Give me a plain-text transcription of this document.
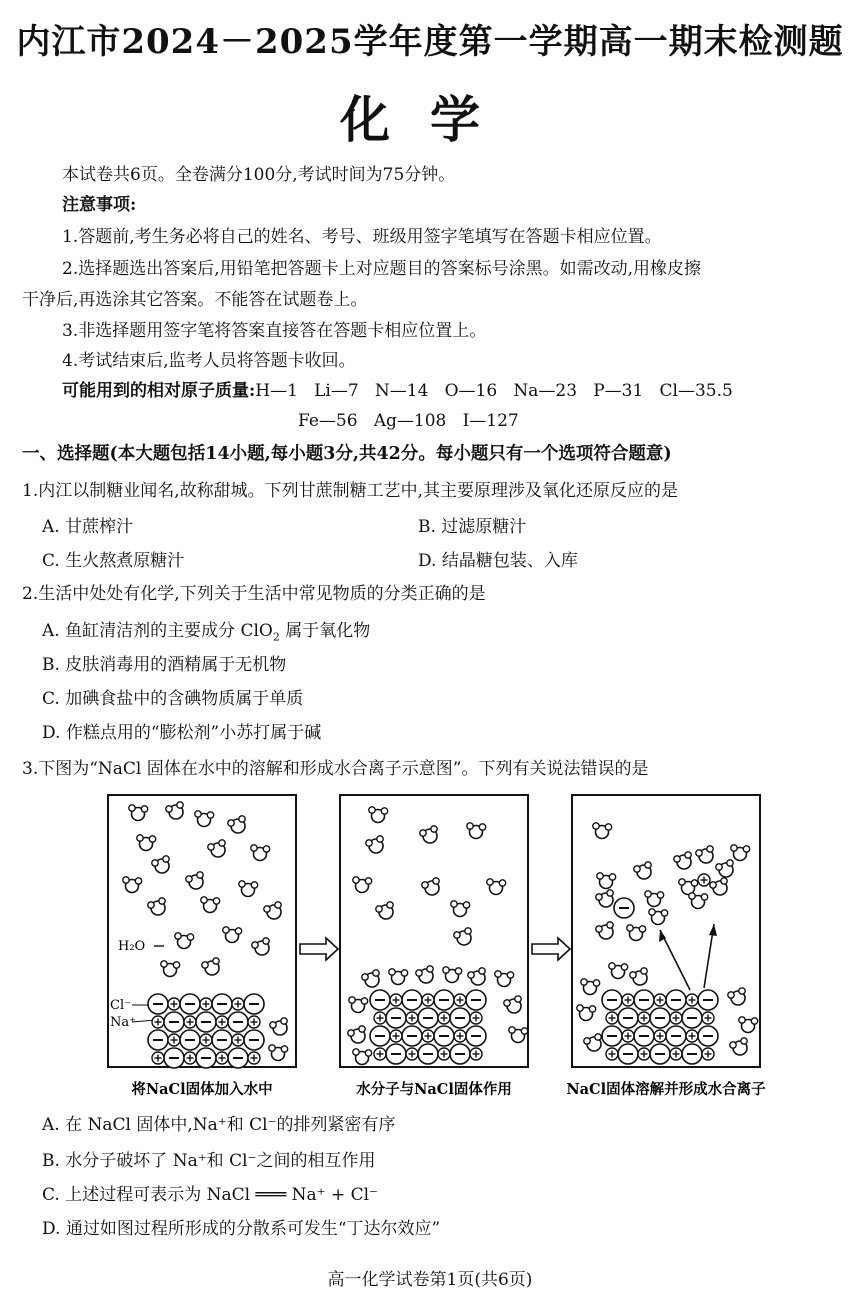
内江市2024－2025学年度第一学期高一期末检测题
化学
本试卷共6页。全卷满分100分,考试时间为75分钟。
注意事项:
1.答题前,考生务必将自己的姓名、考号、班级用签字笔填写在答题卡相应位置。
2.选择题选出答案后,用铅笔把答题卡上对应题目的答案标号涂黑。如需改动,用橡皮擦
干净后,再选涂其它答案。不能答在试题卷上。
3.非选择题用签字笔将答案直接答在答题卡相应位置上。
4.考试结束后,监考人员将答题卡收回。
可能用到的相对原子质量:H—1   Li—7   N—14   O—16   Na—23   P—31   Cl—35.5
Fe—56   Ag—108   I—127
一、选择题(本大题包括14小题,每小题3分,共42分。每小题只有一个选项符合题意)
1.内江以制糖业闻名,故称甜城。下列甘蔗制糖工艺中,其主要原理涉及氧化还原反应的是
A. 甘蔗榨汁	B. 过滤原糖汁
C. 生火熬煮原糖汁	D. 结晶糖包装、入库
2.生活中处处有化学,下列关于生活中常见物质的分类正确的是
A. 鱼缸清洁剂的主要成分 ClO$_2$ 属于氧化物
B. 皮肤消毒用的酒精属于无机物
C. 加碘食盐中的含碘物质属于单质
D. 作糕点用的“膨松剂”小苏打属于碱
3.下图为“NaCl 固体在水中的溶解和形成水合离子示意图”。下列有关说法错误的是
H₂O
Cl⁻
Na⁺
将NaCl固体加入水中	水分子与NaCl固体作用	NaCl固体溶解并形成水合离子
A. 在 NaCl 固体中,Na⁺和 Cl⁻的排列紧密有序
B. 水分子破坏了 Na⁺和 Cl⁻之间的相互作用
C. 上述过程可表示为 NaCl ═══ Na⁺ + Cl⁻
D. 通过如图过程所形成的分散系可发生“丁达尔效应”
高一化学试卷第1页(共6页)
